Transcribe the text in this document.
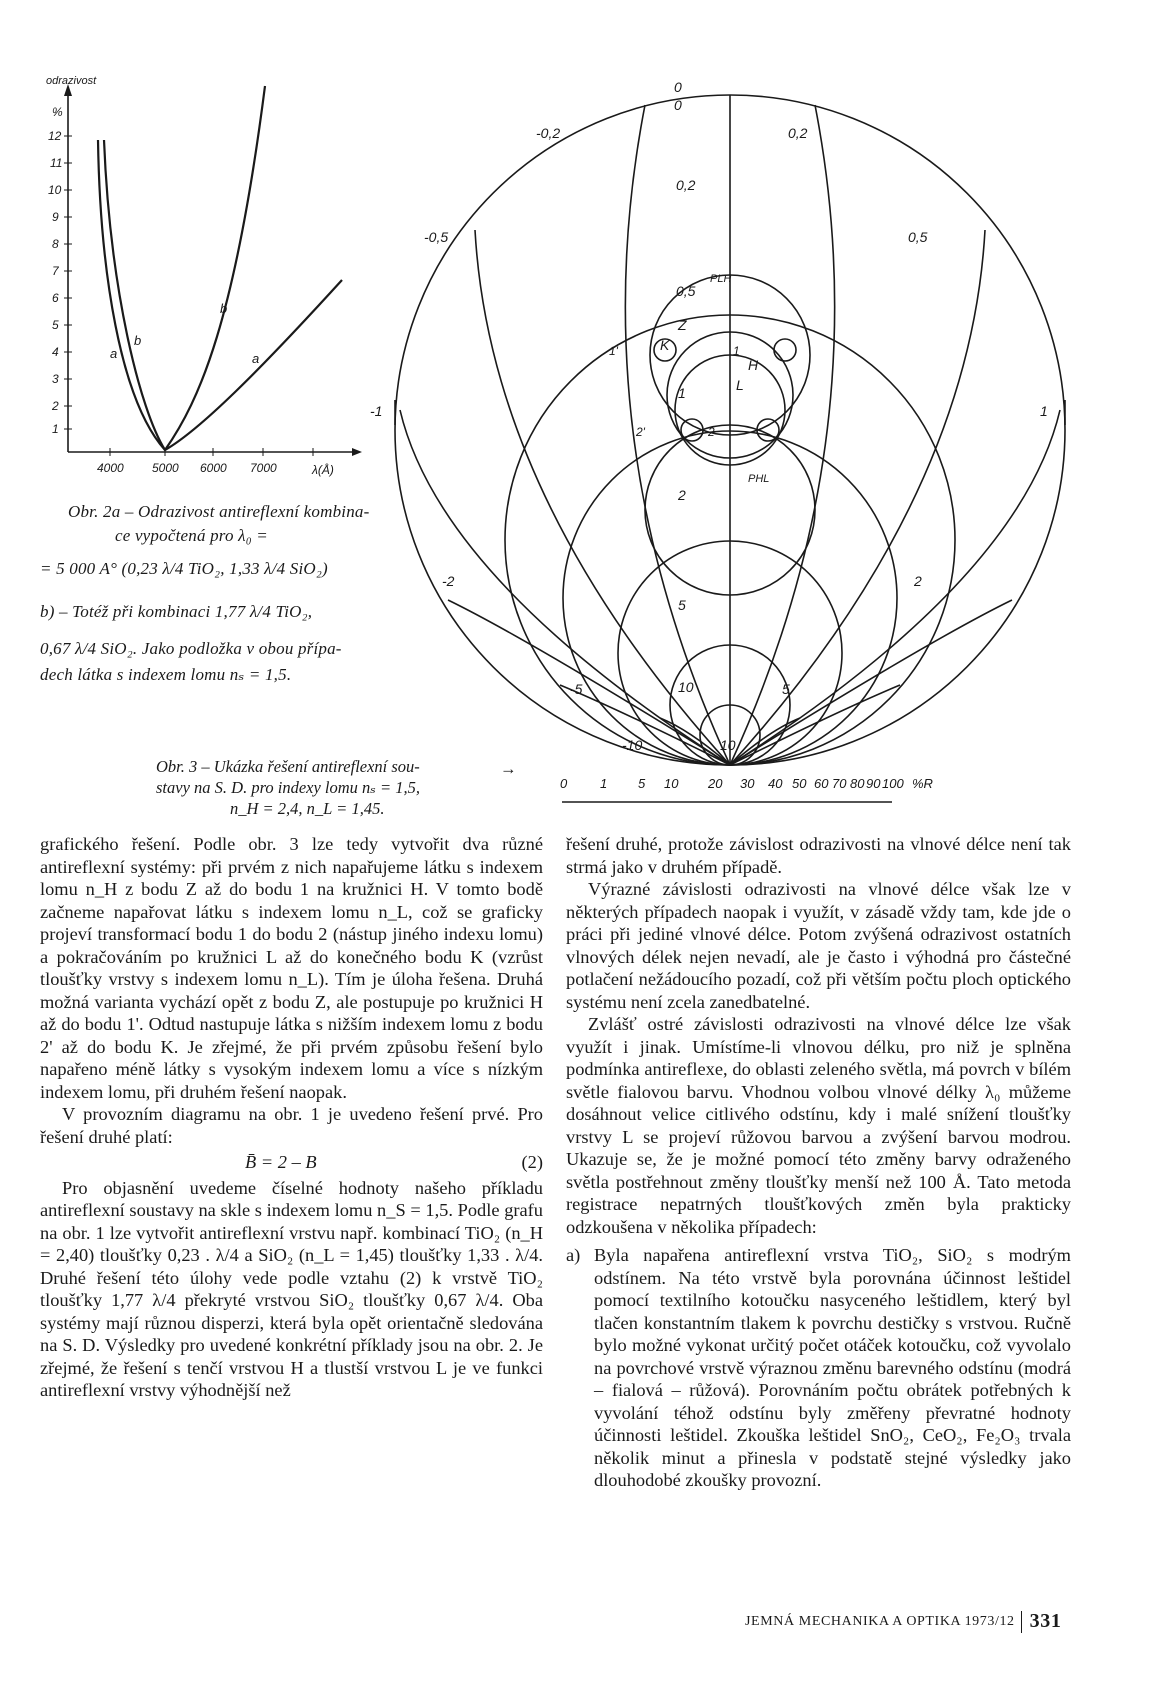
odrazivost
%
12
11
10
9
8
7
6
5
4
3
2
1
4000 5000 6000 7000	λ(Å)
a
b
b
a
Obr. 2a – Odrazivost antireflexní kombina-
ce vypočtená pro λ₀ =
= 5 000 A° (0,23 λ/4 TiO₂, 1,33 λ/4 SiO₂)
b) – Totéž při kombinaci 1,77 λ/4 TiO₂,
0,67 λ/4 SiO₂. Jako podložka v obou přípa-
dech látka s indexem lomu nₛ = 1,5.
0
0
-0,2	0,2
0,2
-0,5	0,5
0,5
PLH
Z
K
1'	1
H
L
1
2'	2
-1	1
PHL
2
-2	2
5
-5	5
10
-10	10
0	1 5 10 20 30 40 50 60 70 80 90 100 %R
Obr. 3 – Ukázka řešení antireflexní sou-
stavy na S. D. pro indexy lomu nₛ = 1,5,
n_H = 2,4, n_L = 1,45.
→

grafického řešení. Podle obr. 3 lze tedy vytvořit dva různé antireflexní systémy: při prvém z nich napařujeme látku s indexem lomu n_H z bodu Z až do bodu 1 na kružnici H. V tomto bodě začneme napařovat látku s indexem lomu n_L, což se graficky projeví transformací bodu 1 do bodu 2 (nástup jiného indexu lomu) a pokračováním po kružnici L až do konečného bodu K (vzrůst tloušťky vrstvy s indexem lomu n_L). Tím je úloha řešena. Druhá možná varianta vychází opět z bodu Z, ale postupuje po kružnici H až do bodu 1'. Odtud nastupuje látka s nižším indexem lomu z bodu 2' až do bodu K. Je zřejmé, že při prvém způsobu řešení bylo napařeno méně látky s vysokým indexem lomu a více s nízkým indexem lomu, při druhém řešení naopak.

V provozním diagramu na obr. 1 je uvedeno řešení prvé. Pro řešení druhé platí:

B̄ = 2 – B	(2)

Pro objasnění uvedeme číselné hodnoty našeho příkladu antireflexní soustavy na skle s indexem lomu n_S = 1,5. Podle grafu na obr. 1 lze vytvořit antireflexní vrstvu např. kombinací TiO₂ (n_H = 2,40) tloušťky 0,23 . λ/4 a SiO₂ (n_L = 1,45) tloušťky 1,33 . λ/4. Druhé řešení této úlohy vede podle vztahu (2) k vrstvě TiO₂ tloušťky 1,77 λ/4 překryté vrstvou SiO₂ tloušťky 0,67 λ/4. Oba systémy mají různou disperzi, která byla opět orientačně sledována na S. D. Výsledky pro uvedené konkrétní příklady jsou na obr. 2. Je zřejmé, že řešení s tenčí vrstvou H a tlustší vrstvou L je ve funkci antireflexní vrstvy výhodnější než

řešení druhé, protože závislost odrazivosti na vlnové délce není tak strmá jako v druhém případě.

Výrazné závislosti odrazivosti na vlnové délce však lze v některých případech naopak i využít, v zásadě vždy tam, kde jde o práci při jediné vlnové délce. Potom zvýšená odrazivost ostatních vlnových délek nejen nevadí, ale je často i výhodná pro částečné potlačení nežádoucího pozadí, což při větším počtu ploch optického systému není zcela zanedbatelné.

Zvlášť ostré závislosti odrazivosti na vlnové délce lze však využít i jinak. Umístíme-li vlnovou délku, pro niž je splněna podmínka antireflexe, do oblasti zeleného světla, má povrch v bílém světle fialovou barvu. Vhodnou volbou vlnové délky λ₀ můžeme dosáhnout velice citlivého odstínu, kdy i malé snížení tloušťky vrstvy L se projeví růžovou barvou a zvýšení barvou modrou. Ukazuje se, že je možné pomocí této změny barvy odraženého světla postřehnout změny tloušťky menší než 100 Å. Tato metoda registrace nepatrných tloušťkových změn byla prakticky odzkoušena v několika případech:

a) Byla napařena antireflexní vrstva TiO₂, SiO₂ s modrým odstínem. Na této vrstvě byla porovnána účinnost leštidel pomocí textilního kotoučku nasyceného leštidlem, který byl tlačen konstantním tlakem k povrchu destičky s vrstvou. Ručně bylo možné vykonat určitý počet otáček kotoučku, což vyvolalo na povrchové vrstvě výraznou změnu barevného odstínu (modrá – fialová – růžová). Porovnáním počtu obrátek potřebných k vyvolání téhož odstínu byly změřeny převratné hodnoty účinnosti leštidel. Zkouška leštidel SnO₂, CeO₂, Fe₂O₃ trvala několik minut a přinesla v podstatě stejné výsledky jako dlouhodobé zkoušky provozní.
JEMNÁ MECHANIKA A OPTIKA 1973/12 331
